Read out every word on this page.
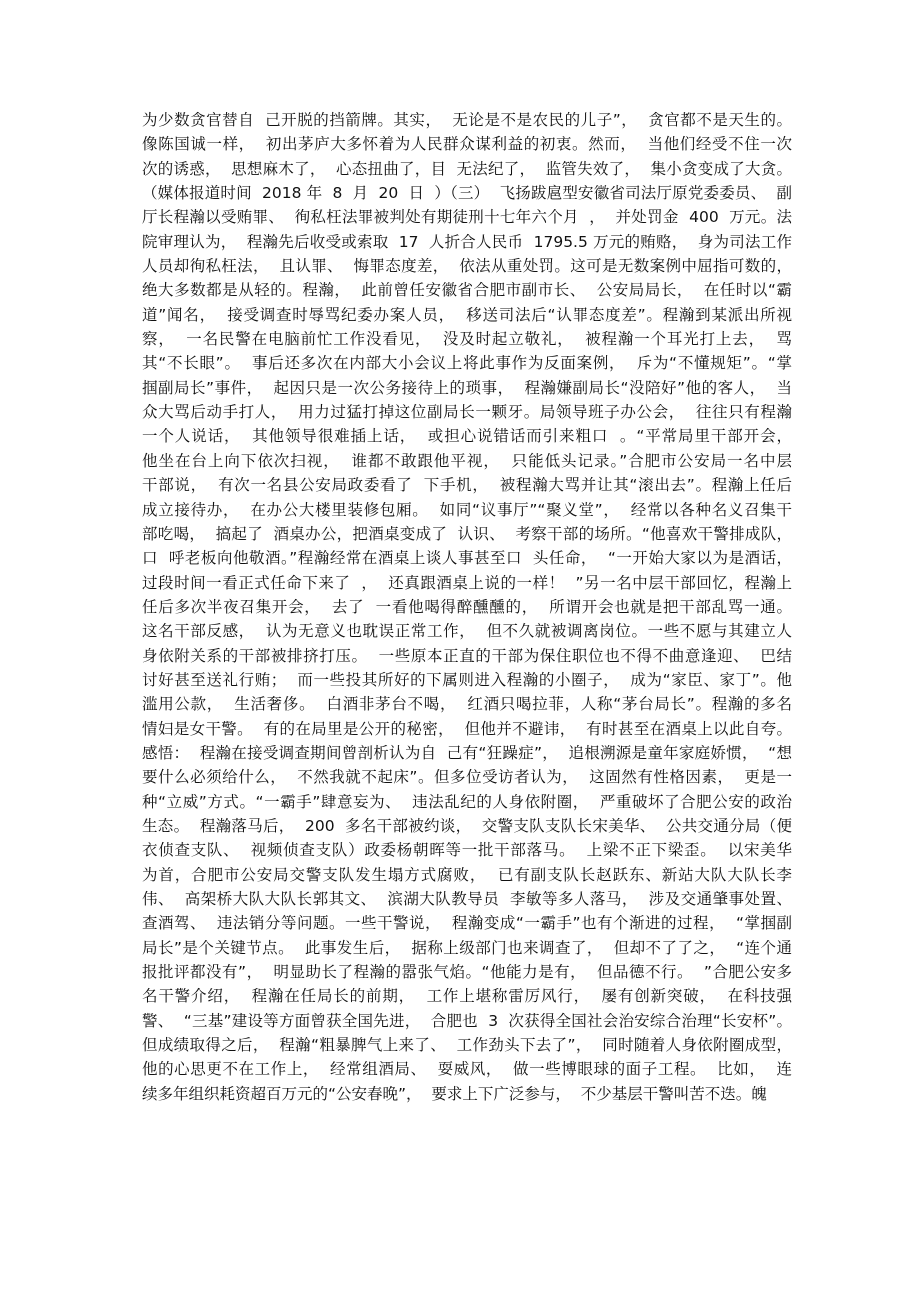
为少数贪官替自  己开脱的挡箭牌。其实，  无论是不是农民的儿子”，  贪官都不是天生的。
像陈国诚一样，  初出茅庐大多怀着为人民群众谋利益的初衷。然而，  当他们经受不住一次
次的诱惑，  思想麻木了，  心态扭曲了，目  无法纪了，  监管失效了，  集小贪变成了大贪。
（媒体报道时间  2018 年  8  月  20  日  ）（三）  飞扬跋扈型安徽省司法厅原党委委员、  副
厅长程瀚以受贿罪、  徇私枉法罪被判处有期徒刑十七年六个月  ，  并处罚金  400  万元。法
院审理认为，  程瀚先后收受或索取  17  人折合人民币  1795.5 万元的贿赂，  身为司法工作
人员却徇私枉法，  且认罪、  悔罪态度差，  依法从重处罚。这可是无数案例中屈指可数的，
绝大多数都是从轻的。程瀚，  此前曾任安徽省合肥市副市长、  公安局局长，  在任时以“霸
道”闻名，  接受调查时辱骂纪委办案人员，  移送司法后“认罪态度差”。程瀚到某派出所视
察，  一名民警在电脑前忙工作没看见，  没及时起立敬礼，  被程瀚一个耳光打上去，  骂
其“不长眼”。  事后还多次在内部大小会议上将此事作为反面案例，  斥为“不懂规矩”。“掌
掴副局长”事件，  起因只是一次公务接待上的琐事，  程瀚嫌副局长“没陪好”他的客人，  当
众大骂后动手打人，  用力过猛打掉这位副局长一颗牙。局领导班子办公会，  往往只有程瀚
一个人说话，  其他领导很难插上话，  或担心说错话而引来粗口  。“平常局里干部开会，
他坐在台上向下依次扫视，  谁都不敢跟他平视，  只能低头记录。”合肥市公安局一名中层
干部说，  有次一名县公安局政委看了  下手机，  被程瀚大骂并让其“滚出去”。程瀚上任后
成立接待办，  在办公大楼里装修包厢。  如同“议事厅”“聚义堂”，  经常以各种名义召集干
部吃喝，  搞起了  酒桌办公，把酒桌变成了  认识、  考察干部的场所。“他喜欢干警排成队，
口  呼老板向他敬酒。”程瀚经常在酒桌上谈人事甚至口  头任命，  “一开始大家以为是酒话，
过段时间一看正式任命下来了  ，  还真跟酒桌上说的一样！  ”另一名中层干部回忆，程瀚上
任后多次半夜召集开会，  去了  一看他喝得醉醺醺的，  所谓开会也就是把干部乱骂一通。
这名干部反感，  认为无意义也耽误正常工作，  但不久就被调离岗位。一些不愿与其建立人
身依附关系的干部被排挤打压。  一些原本正直的干部为保住职位也不得不曲意逢迎、  巴结
讨好甚至送礼行贿；  而一些投其所好的下属则进入程瀚的小圈子，  成为“家臣、家丁”。他
滥用公款，  生活奢侈。  白酒非茅台不喝，  红酒只喝拉菲，人称“茅台局长”。程瀚的多名
情妇是女干警。  有的在局里是公开的秘密，  但他并不避讳，  有时甚至在酒桌上以此自夸。
感悟：  程瀚在接受调查期间曾剖析认为自  己有“狂躁症”，  追根溯源是童年家庭娇惯，  “想
要什么必须给什么，  不然我就不起床”。但多位受访者认为，  这固然有性格因素，  更是一
种“立威”方式。“一霸手”肆意妄为、  违法乱纪的人身依附圈，  严重破坏了合肥公安的政治
生态。  程瀚落马后，  200  多名干部被约谈，  交警支队支队长宋美华、  公共交通分局（便
衣侦查支队、  视频侦查支队）政委杨朝晖等一批干部落马。  上梁不正下梁歪。  以宋美华
为首，合肥市公安局交警支队发生塌方式腐败，  已有副支队长赵跃东、新站大队大队长李
伟、  高架桥大队大队长郭其文、  滨湖大队教导员  李敏等多人落马，  涉及交通肇事处置、
查酒驾、  违法销分等问题。一些干警说，  程瀚变成“一霸手”也有个渐进的过程，  “掌掴副
局长”是个关键节点。  此事发生后，  据称上级部门也来调查了，  但却不了了之，  “连个通
报批评都没有”，  明显助长了程瀚的嚣张气焰。“他能力是有，  但品德不行。  ”合肥公安多
名干警介绍，  程瀚在任局长的前期，  工作上堪称雷厉风行，  屡有创新突破，  在科技强
警、  “三基”建设等方面曾获全国先进，  合肥也  3  次获得全国社会治安综合治理“长安杯”。
但成绩取得之后，  程瀚“粗暴脾气上来了、  工作劲头下去了”，  同时随着人身依附圈成型，
他的心思更不在工作上，  经常组酒局、  耍威风，  做一些博眼球的面子工程。  比如，  连
续多年组织耗资超百万元的“公安春晚”，  要求上下广泛参与，  不少基层干警叫苦不迭。魄
